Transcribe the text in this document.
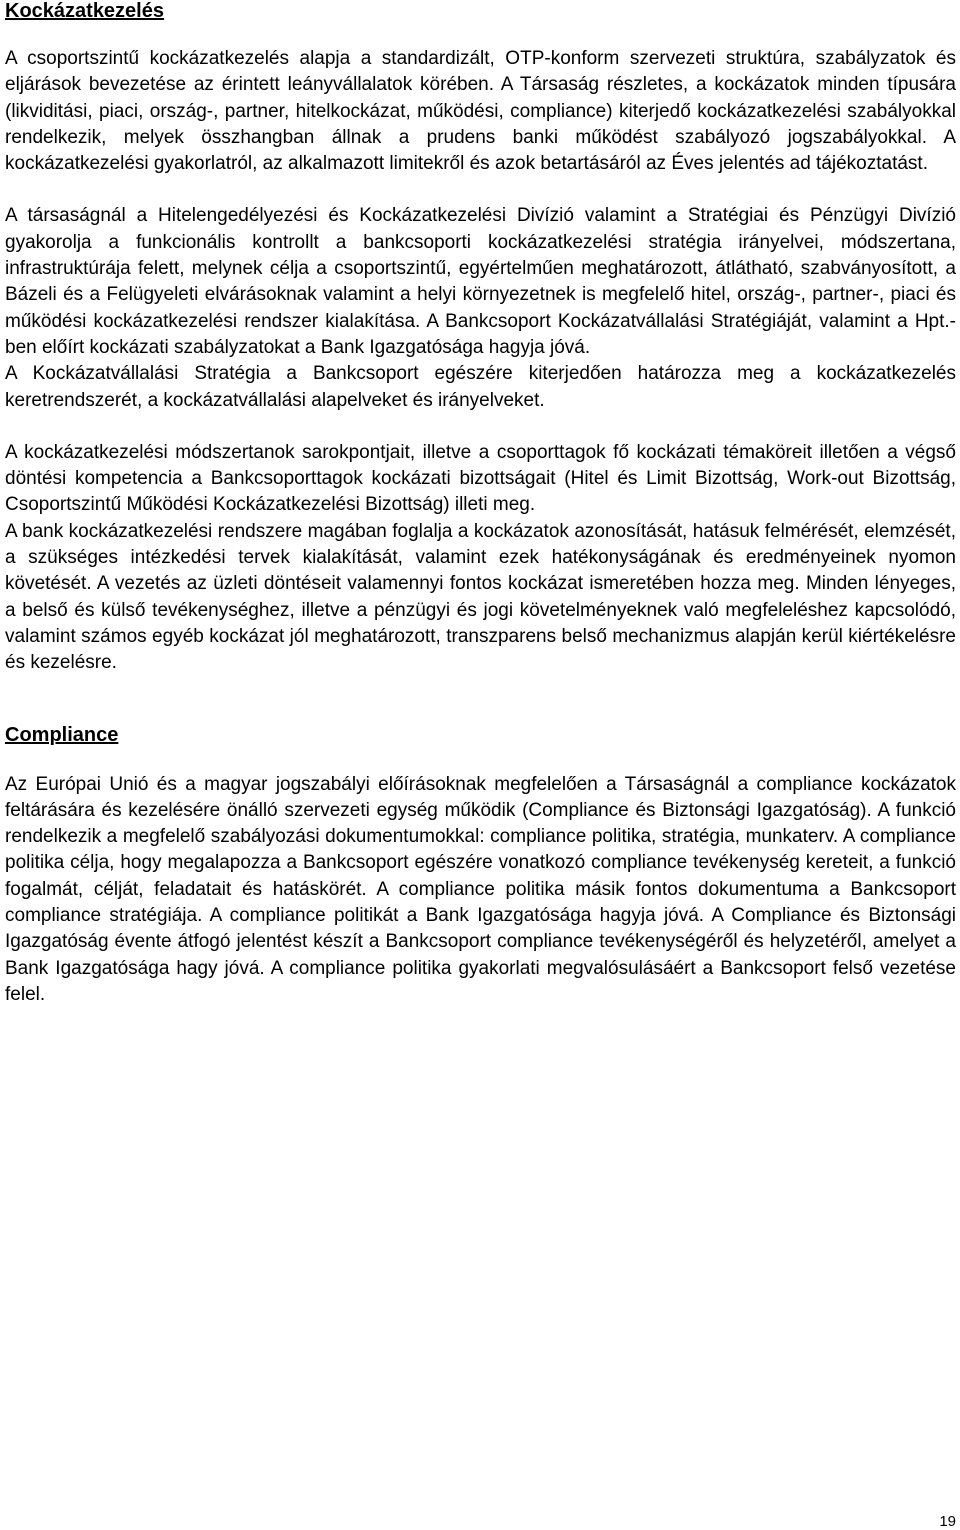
Kockázatkezelés

A csoportszintű kockázatkezelés alapja a standardizált, OTP-konform szervezeti struktúra, szabályzatok és eljárások bevezetése az érintett leányvállalatok körében. A Társaság részletes, a kockázatok minden típusára (likviditási, piaci, ország-, partner, hitelkockázat, működési, compliance) kiterjedő kockázatkezelési szabályokkal rendelkezik, melyek összhangban állnak a prudens banki működést szabályozó jogszabályokkal. A kockázatkezelési gyakorlatról, az alkalmazott limitekről és azok betartásáról az Éves jelentés ad tájékoztatást.

A társaságnál a Hitelengedélyezési és Kockázatkezelési Divízió valamint a Stratégiai és Pénzügyi Divízió gyakorolja a funkcionális kontrollt a bankcsoporti kockázatkezelési stratégia irányelvei, módszertana, infrastruktúrája felett, melynek célja a csoportszintű, egyértelműen meghatározott, átlátható, szabványosított, a Bázeli és a Felügyeleti elvárásoknak valamint a helyi környezetnek is megfelelő hitel, ország-, partner-, piaci és működési kockázatkezelési rendszer kialakítása. A Bankcsoport Kockázatvállalási Stratégiáját, valamint a Hpt.-ben előírt kockázati szabályzatokat a Bank Igazgatósága hagyja jóvá.

A Kockázatvállalási Stratégia a Bankcsoport egészére kiterjedően határozza meg a kockázatkezelés keretrendszerét, a kockázatvállalási alapelveket és irányelveket.

A kockázatkezelési módszertanok sarokpontjait, illetve a csoporttagok fő kockázati témaköreit illetően a végső döntési kompetencia a Bankcsoporttagok kockázati bizottságait (Hitel és Limit Bizottság, Work-out Bizottság, Csoportszintű Működési Kockázatkezelési Bizottság) illeti meg.

A bank kockázatkezelési rendszere magában foglalja a kockázatok azonosítását, hatásuk felmérését, elemzését, a szükséges intézkedési tervek kialakítását, valamint ezek hatékonyságának és eredményeinek nyomon követését. A vezetés az üzleti döntéseit valamennyi fontos kockázat ismeretében hozza meg. Minden lényeges, a belső és külső tevékenységhez, illetve a pénzügyi és jogi követelményeknek való megfeleléshez kapcsolódó, valamint számos egyéb kockázat jól meghatározott, transzparens belső mechanizmus alapján kerül kiértékelésre és kezelésre.

Compliance

Az Európai Unió és a magyar jogszabályi előírásoknak megfelelően a Társaságnál a compliance kockázatok feltárására és kezelésére önálló szervezeti egység működik (Compliance és Biztonsági Igazgatóság). A funkció rendelkezik a megfelelő szabályozási dokumentumokkal: compliance politika, stratégia, munkaterv. A compliance politika célja, hogy megalapozza a Bankcsoport egészére vonatkozó compliance tevékenység kereteit, a funkció fogalmát, célját, feladatait és hatáskörét. A compliance politika másik fontos dokumentuma a Bankcsoport compliance stratégiája. A compliance politikát a Bank Igazgatósága hagyja jóvá. A Compliance és Biztonsági Igazgatóság évente átfogó jelentést készít a Bankcsoport compliance tevékenységéről és helyzetéről, amelyet a Bank Igazgatósága hagy jóvá. A compliance politika gyakorlati megvalósulásáért a Bankcsoport felső vezetése felel.

19
